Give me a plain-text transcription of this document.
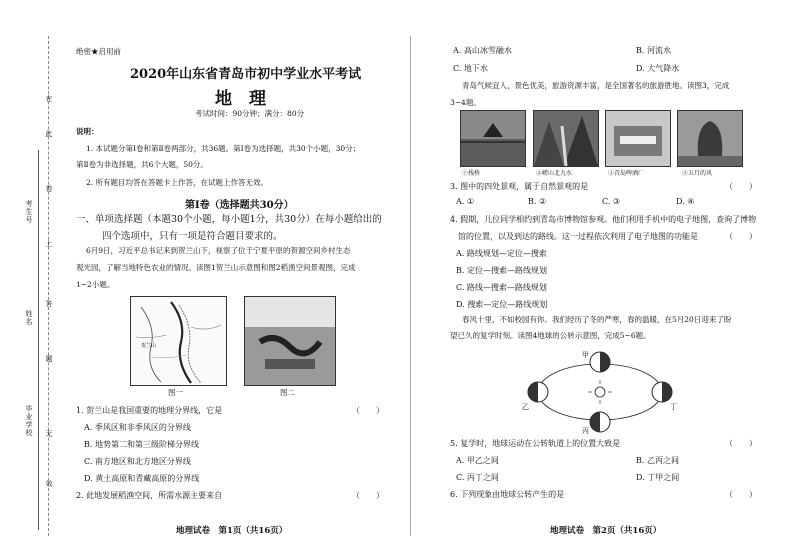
在
此
卷
上
答
题
无
效
考生号
姓名
毕业学校
绝密★启用前
2020年山东省青岛市初中学业水平考试
地　理
考试时间：90分钟；满分：80分
说明：
1. 本试题分第Ⅰ卷和第Ⅱ卷两部分，共36题。第Ⅰ卷为选择题，共30个小题，30分；
第Ⅱ卷为非选择题，共6个大题，50分。
2. 所有题目均答在答题卡上作答，在试题上作答无效。
第Ⅰ卷（选择题共30分）
一、单项选择题（本题30个小题，每小题1分，共30分）在每小题给出的
四个选项中，只有一项是符合题目要求的。
6月9日，习近平总书记来到贺兰山下，视察了位于宁夏平原的贺源空间乡村生态
观光园，了解当地特色农业的情况。读图1贺兰山示意图和图2稻渔空间景观图，完成
1~2小题。
贺兰山
图一	图二
1. 贺兰山是我国重要的地理分界线，它是	（　　）
A. 季风区和非季风区的分界线
B. 地势第二和第三级阶梯分界线
C. 南方地区和北方地区分界线
D. 黄土高原和青藏高原的分界线
2. 此地发展稻渔空间，所需水源主要来自	（　　）
地理试卷　第1页（共16页）
A. 高山冰雪融水	B. 河流水
C. 地下水	D. 大气降水
青岛气候宜人，景色优美，旅游资源丰富，是全国著名的旅游胜地。读图3，完成
3~4题。
①栈桥	②崂山北九水	③青岛啤酒厂	④五月的风
3. 图中的四处景观，属于自然景观的是	（　　）
A. ①	B. ②	C. ③	D. ④
4. 假期，儿位同学相约到青岛市博物馆参观。他们利用手机中的电子地图，查询了博物
馆的位置，以及到达的路线。这一过程依次利用了电子地图的功能是	（　　）
A. 路线规划—定位—搜索
B. 定位—搜索—路线规划
C. 路线—搜索—路线规划
D. 搜索—定位—路线规划
春风十里，不如校园有你。我们经历了冬的严寒，春的温暖，在5月20日迎来了盼
望已久的复学时刻。读图4地球的公转示意图，完成5~6题。
甲
乙
丙
丁
5. 复学时，地球运动在公转轨道上的位置大致是	（　　）
A. 甲乙之间	B. 乙丙之间
C. 丙丁之间	D. 丁甲之间
6. 下列现象由地球公转产生的是	（　　）
地理试卷　第2页（共16页）
